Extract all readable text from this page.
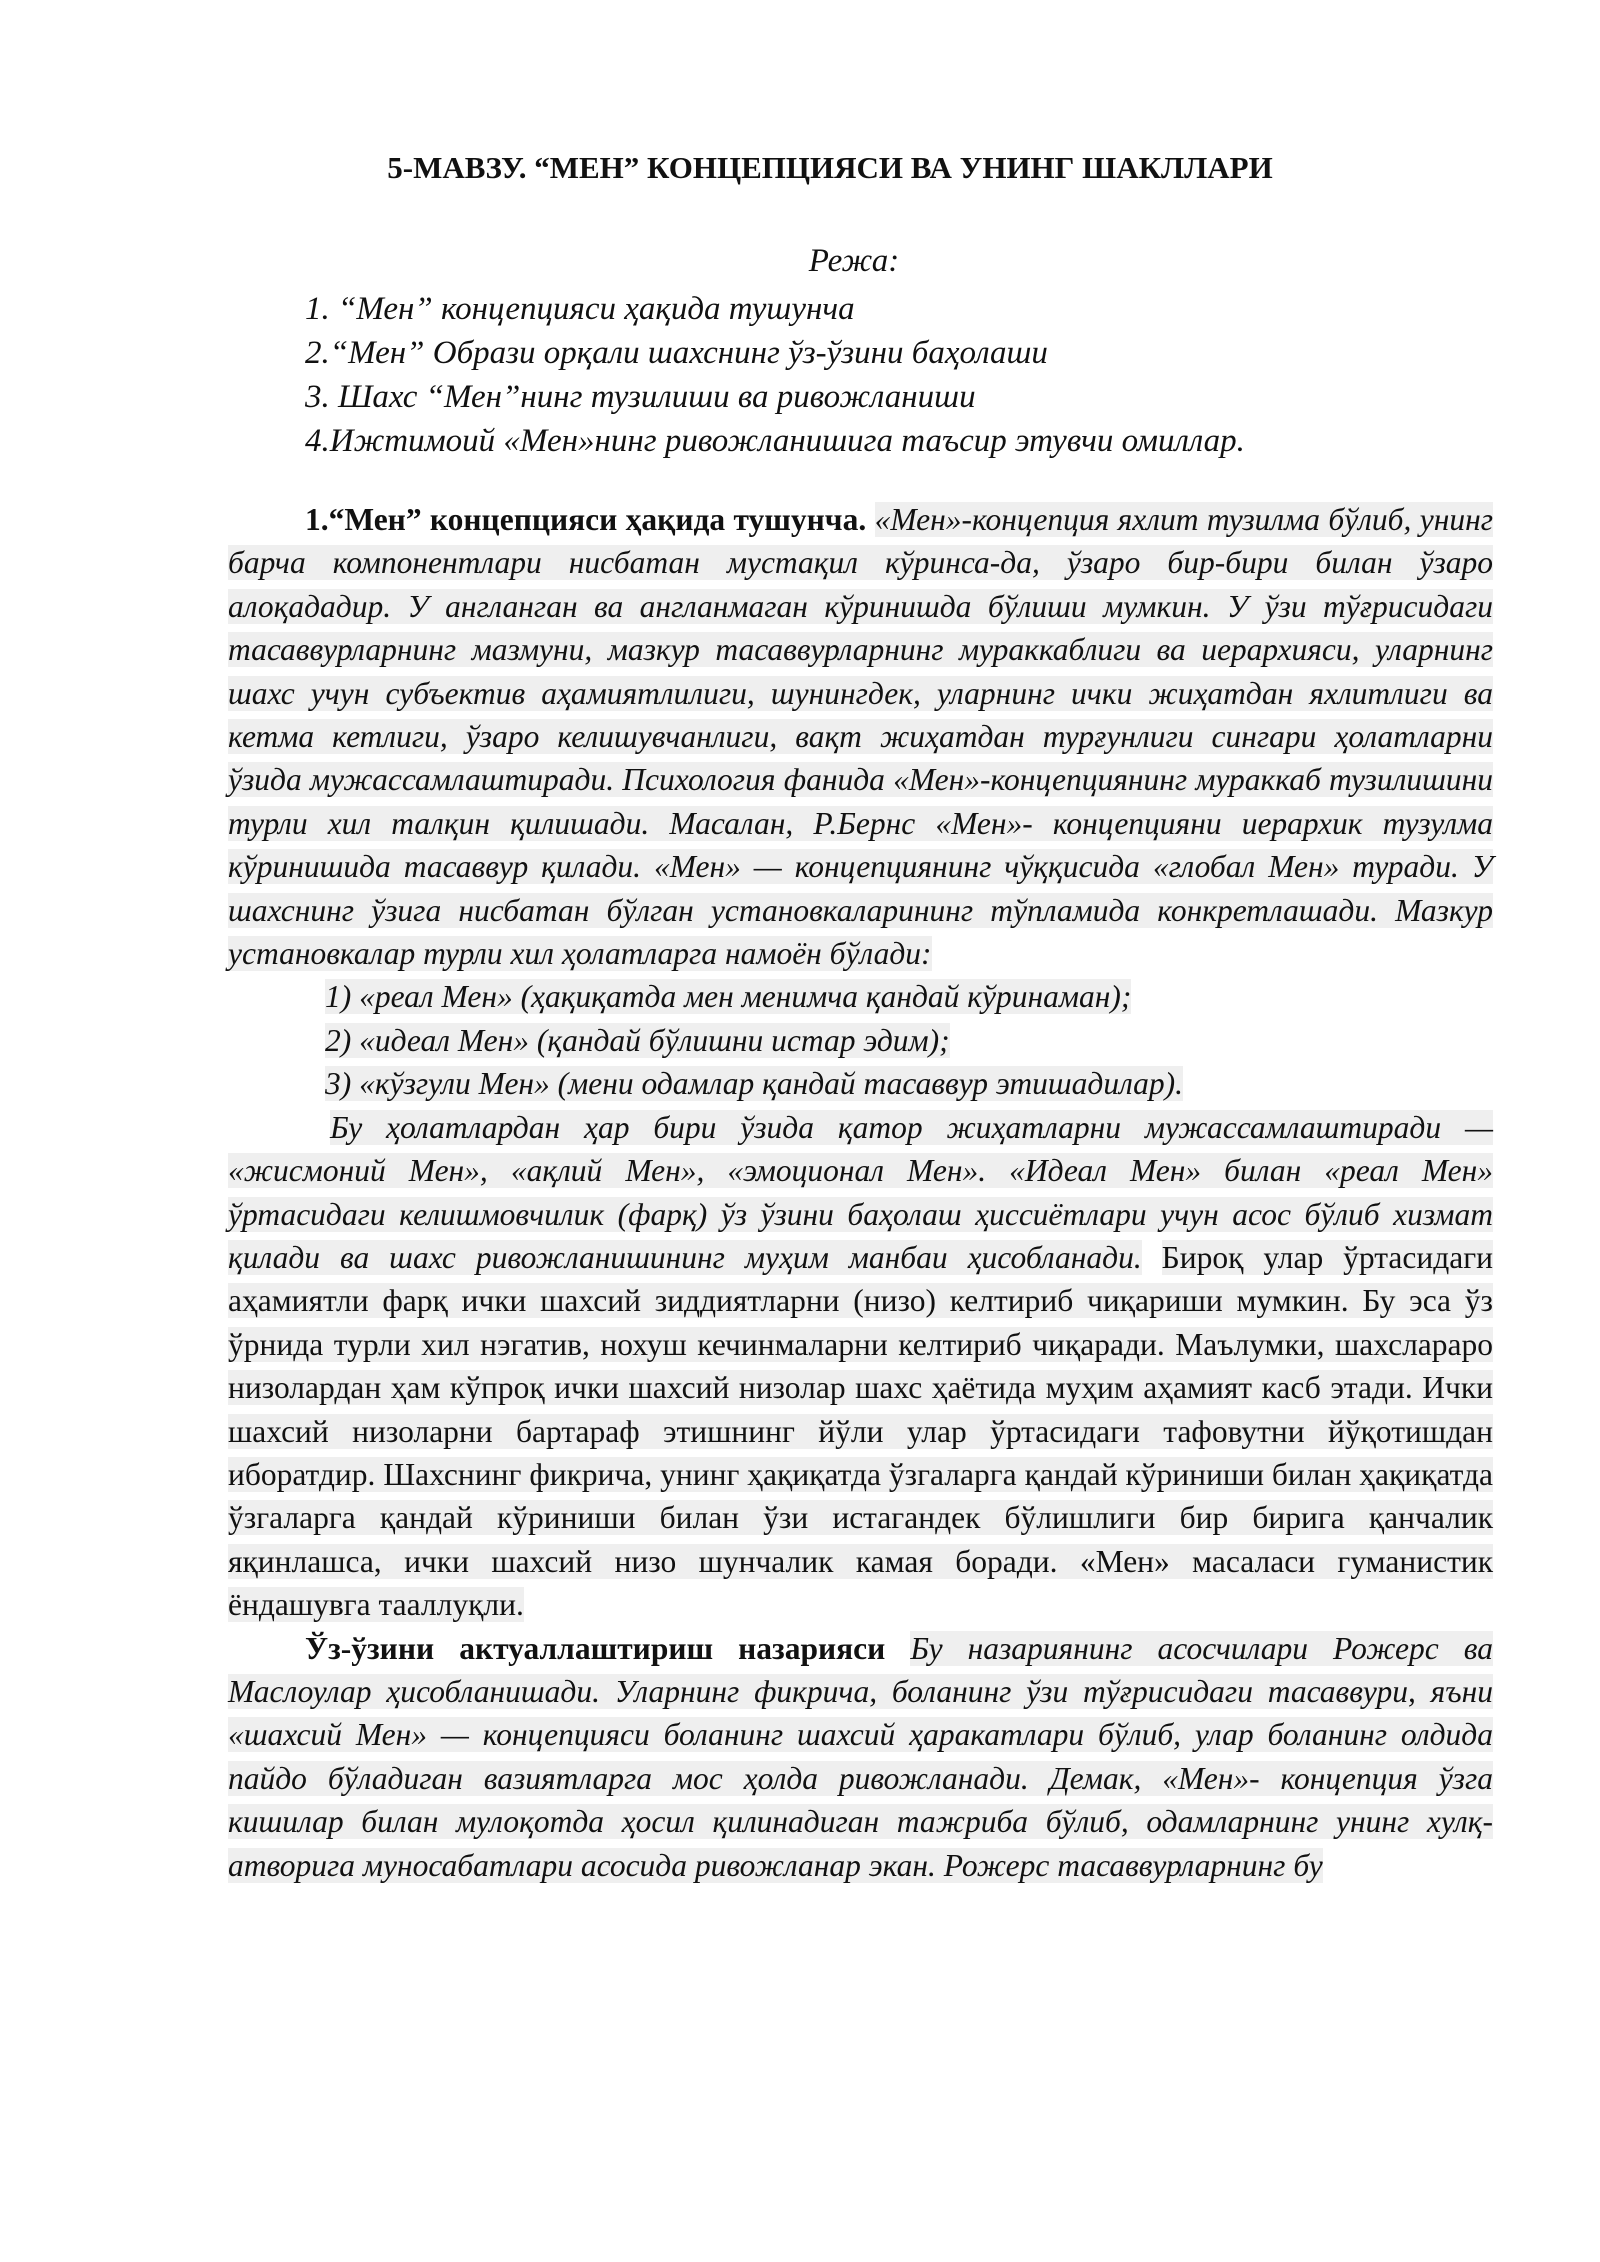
5-МАВЗУ. “МЕН” КОНЦЕПЦИЯСИ ВА УНИНГ ШАКЛЛАРИ
Режа:
1. “Мен” концепцияси ҳақида тушунча
2.“Мен” Образи орқали шахснинг ўз-ўзини баҳолаши
3. Шахс “Мен”нинг тузилиши ва ривожланиши
4.Ижтимоий «Мен»нинг ривожланишига таъсир этувчи омиллар.

1.“Мен” концепцияси ҳақида тушунча. «Мен»-концепция яхлит тузилма бўлиб, унинг барча компонентлари нисбатан мустақил кўринса-да, ўзаро бир-бири билан ўзаро алоқададир. У англанган ва англанмаган кўринишда бўлиши мумкин. У ўзи тўғрисидаги тасаввурларнинг мазмуни, мазкур тасаввурларнинг мураккаблиги ва иерархияси, уларнинг шахс учун субъектив аҳамиятлилиги, шунингдек, уларнинг ички жиҳатдан яхлитлиги ва кетма кетлиги, ўзаро келишувчанлиги, вақт жиҳатдан турғунлиги сингари ҳолатларни ўзида мужассамлаштиради. Психология фанида «Мен»-концепциянинг мураккаб тузилишини турли хил талқин қилишади. Масалан, Р.Бернс «Мен»- концепцияни иерархик тузулма кўринишида тасаввур қилади. «Мен» — концепциянинг чўққисида «глобал Мен» туради. У шахснинг ўзига нисбатан бўлган установкаларининг тўпламида конкретлашади. Мазкур установкалар турли хил ҳолатларга намоён бўлади:

1) «реал Мен» (ҳақиқатда мен менимча қандай кўринаман);

2) «идеал Мен» (қандай бўлишни истар эдим);

3) «кўзгули Мен» (мени одамлар қандай тасаввур этишадилар).

Бу ҳолатлардан ҳар бири ўзида қатор жиҳатларни мужассамлаштиради — «жисмоний Мен», «ақлий Мен», «эмоционал Мен». «Идеал Мен» билан «реал Мен» ўртасидаги келишмовчилик (фарқ) ўз ўзини баҳолаш ҳиссиётлари учун асос бўлиб хизмат қилади ва шахс ривожланишининг муҳим манбаи ҳисобланади. Бироқ улар ўртасидаги аҳамиятли фарқ ички шахсий зиддиятларни (низо) келтириб чиқариши мумкин. Бу эса ўз ўрнида турли хил нэгатив, нохуш кечинмаларни келтириб чиқаради. Маълумки, шахслараро низолардан ҳам кўпроқ ички шахсий низолар шахс ҳаётида муҳим аҳамият касб этади. Ички шахсий низоларни бартараф этишнинг йўли улар ўртасидаги тафовутни йўқотишдан иборатдир. Шахснинг фикрича, унинг ҳақиқатда ўзгаларга қандай кўриниши билан ҳақиқатда ўзгаларга қандай кўриниши билан ўзи истагандек бўлишлиги бир бирига қанчалик яқинлашса, ички шахсий низо шунчалик камая боради. «Мен» масаласи гуманистик ёндашувга тааллуқли.

Ўз-ўзини актуаллаштириш назарияси Бу назариянинг асосчилари Рожерс ва Маслоулар ҳисобланишади. Уларнинг фикрича, боланинг ўзи тўғрисидаги тасаввури, яъни «шахсий Мен» — концепцияси боланинг шахсий ҳаракатлари бўлиб, улар боланинг олдида пайдо бўладиган вазиятларга мос ҳолда ривожланади. Демак, «Мен»- концепция ўзга кишилар билан мулоқотда ҳосил қилинадиган тажриба бўлиб, одамларнинг унинг хулқ-атворига муносабатлари асосида ривожланар экан. Рожерс тасаввурларнинг бу
